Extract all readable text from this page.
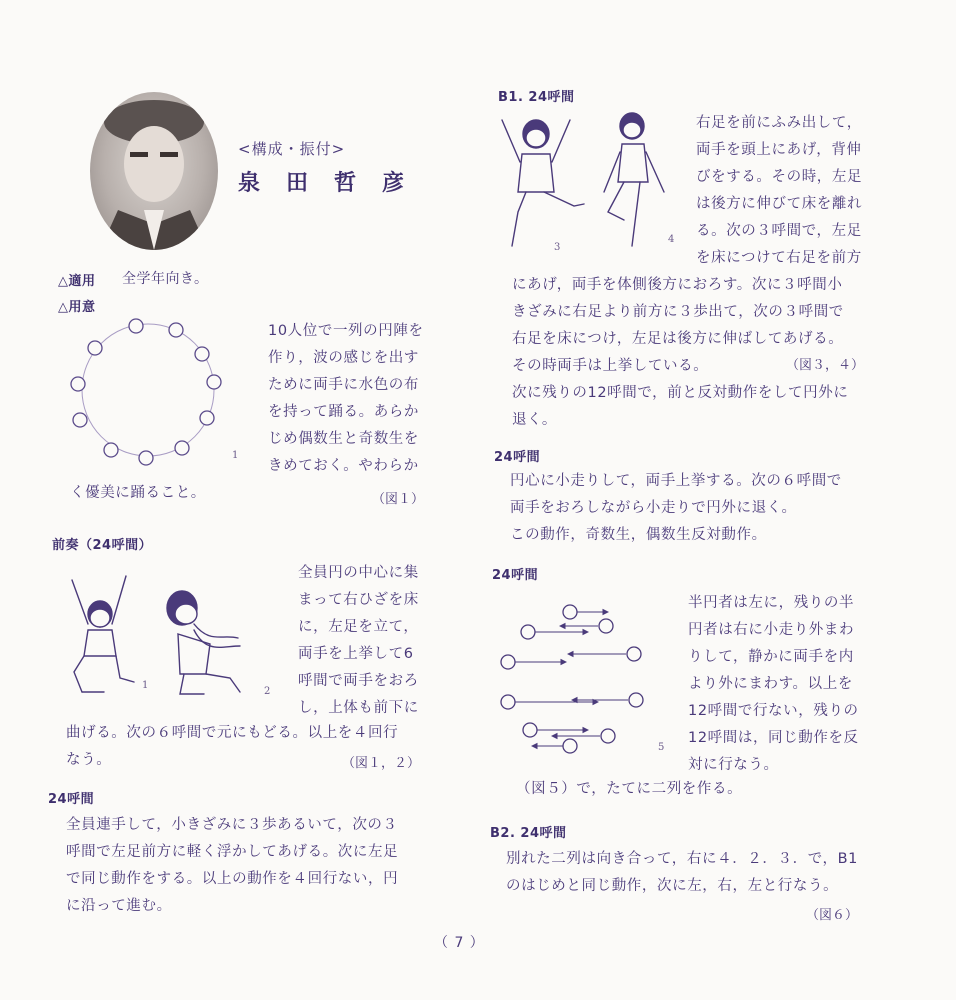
<構成・振付>
泉　田　哲　彦
△適用 全学年向き。
△用意
1
10人位で一列の円陣を
作り，波の感じを出す
ために両手に水色の布
を持って踊る。あらか
じめ偶数生と奇数生を
きめておく。やわらか
く優美に踊ること。	（図１）
前奏（24呼間）
1
2
全員円の中心に集
まって右ひざを床
に，左足を立て，
両手を上挙して6
呼間で両手をおろ
し，上体も前下に
曲げる。次の６呼間で元にもどる。以上を４回行
なう。	（図１，２）
24呼間
全員連手して，小きざみに３歩あるいて，次の３
呼間で左足前方に軽く浮かしてあげる。次に左足
で同じ動作をする。以上の動作を４回行ない，円
に沿って進む。
B1. 24呼間
3
4
右足を前にふみ出して，
両手を頭上にあげ，背伸
びをする。その時，左足
は後方に伸びて床を離れ
る。次の３呼間で，左足
を床につけて右足を前方
にあげ，両手を体側後方におろす。次に３呼間小
きざみに右足より前方に３歩出て，次の３呼間で
右足を床につけ，左足は後方に伸ばしてあげる。
その時両手は上挙している。	（図３，４）
次に残りの12呼間で，前と反対動作をして円外に
退く。
24呼間
円心に小走りして，両手上挙する。次の６呼間で
両手をおろしながら小走りで円外に退く。
この動作，奇数生，偶数生反対動作。
24呼間
5
半円者は左に，残りの半
円者は右に小走り外まわ
りして，静かに両手を内
より外にまわす。以上を
12呼間で行ない，残りの
12呼間は，同じ動作を反
対に行なう。
（図５）で，たてに二列を作る。
B2. 24呼間
別れた二列は向き合って，右に４．２．３．で，B1
のはじめと同じ動作，次に左，右，左と行なう。
（図６）
（ 7 ）
